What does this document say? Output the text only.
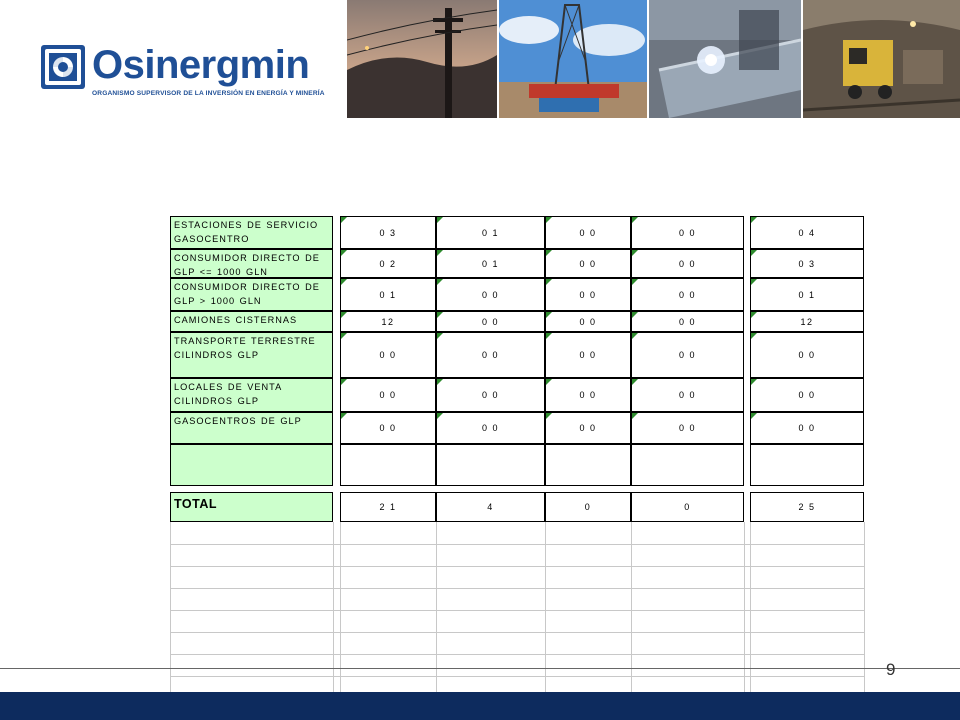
Osinergmin
ORGANISMO SUPERVISOR DE LA INVERSIÓN EN ENERGÍA Y MINERÍA
ESTACIONES DE SERVICIO GASOCENTRO
0 3	0 1	0 0	0 0	0 4
CONSUMIDOR DIRECTO DE GLP <= 1000 GLN
0 2	0 1	0 0	0 0	0 3
CONSUMIDOR DIRECTO DE GLP > 1000 GLN
0 1	0 0	0 0	0 0	0 1
CAMIONES CISTERNAS	12	0 0	0 0	0 0	12
TRANSPORTE TERRESTRE CILINDROS GLP	0 0	0 0	0 0	0 0	0 0
LOCALES DE VENTA CILINDROS GLP
0 0	0 0	0 0	0 0	0 0
GASOCENTROS DE GLP
0 0	0 0	0 0	0 0	0 0
TOTAL	2 1	4	0	0	2 5
9
